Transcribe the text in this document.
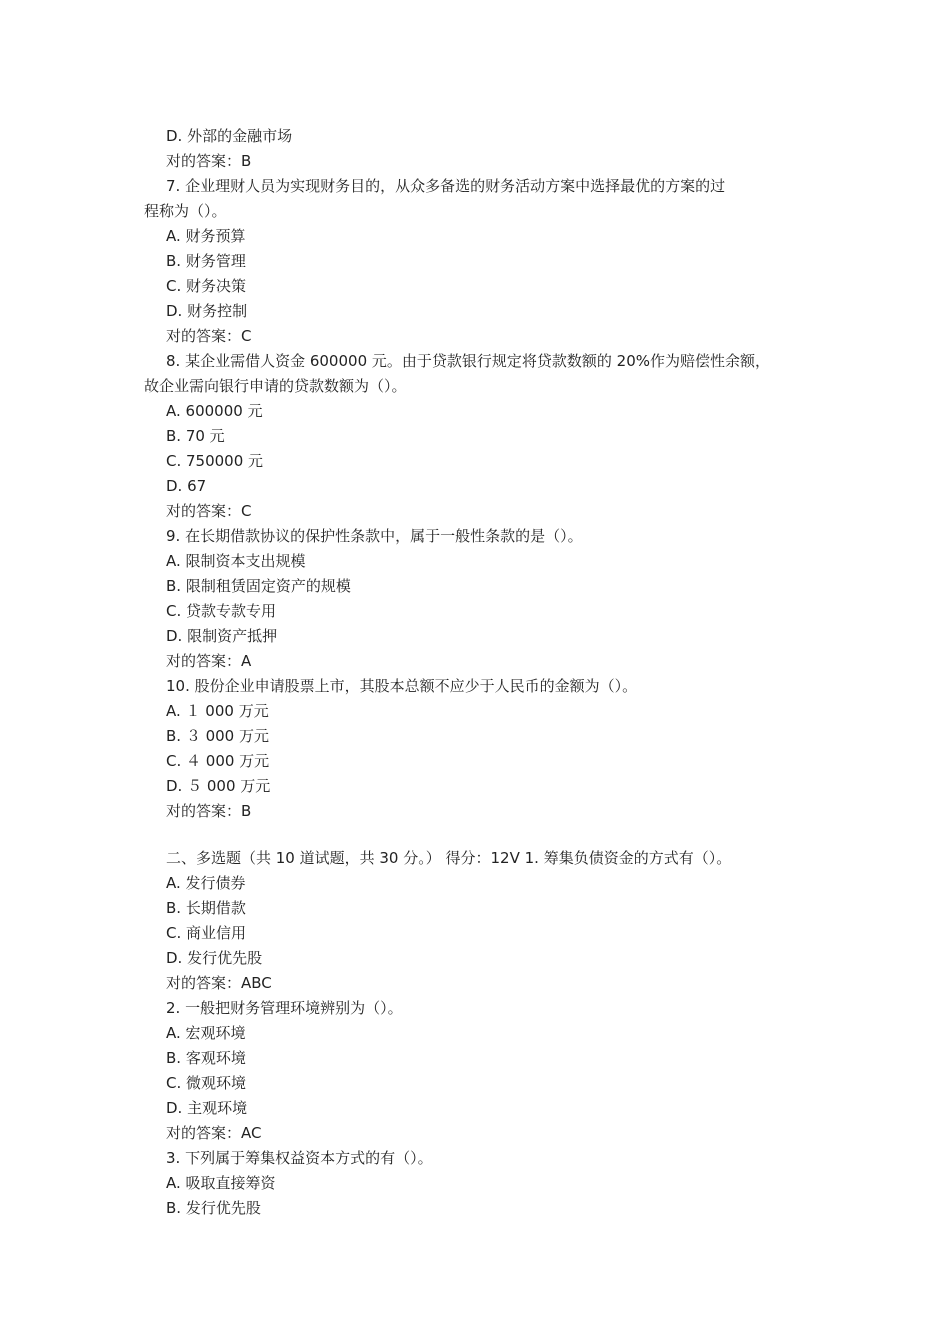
D. 外部的金融市场
对的答案：B
7. 企业理财人员为实现财务目的，从众多备选的财务活动方案中选择最优的方案的过
程称为（）。
A. 财务预算
B. 财务管理
C. 财务决策
D. 财务控制
对的答案：C
8. 某企业需借人资金 600000 元。由于贷款银行规定将贷款数额的 20%作为赔偿性余额，
故企业需向银行申请的贷款数额为（）。
A. 600000 元
B. 70 元
C. 750000 元
D. 67
对的答案：C
9. 在长期借款协议的保护性条款中，属于一般性条款的是（）。
A. 限制资本支出规模
B. 限制租赁固定资产的规模
C. 贷款专款专用
D. 限制资产抵押
对的答案：A
10. 股份企业申请股票上市，其股本总额不应少于人民币的金额为（）。
A. １ 000 万元
B. ３ 000 万元
C. ４ 000 万元
D. ５ 000 万元
对的答案：B
二、多选题（共 10 道试题，共 30 分。） 得分：12V 1. 筹集负债资金的方式有（）。
A. 发行债券
B. 长期借款
C. 商业信用
D. 发行优先股
对的答案：ABC
2. 一般把财务管理环境辨别为（）。
A. 宏观环境
B. 客观环境
C. 微观环境
D. 主观环境
对的答案：AC
3. 下列属于筹集权益资本方式的有（）。
A. 吸取直接筹资
B. 发行优先股
